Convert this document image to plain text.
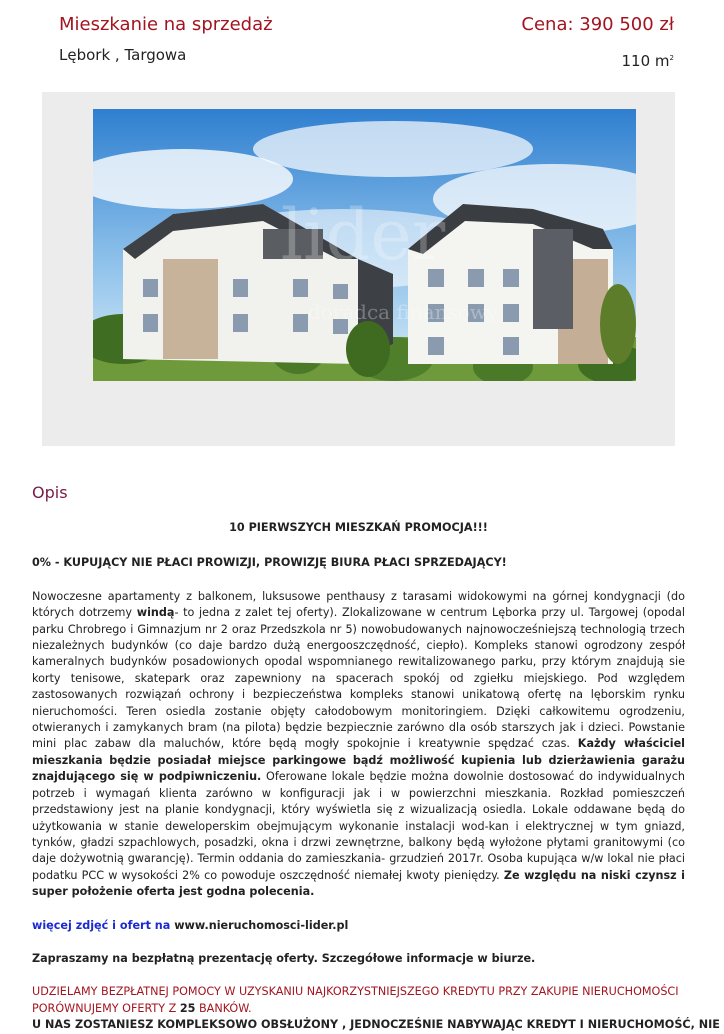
Mieszkanie na sprzedaż	Cena: 390 500 zł
Lębork , Targowa	110 $m^2$
lider
doradca finansowy
Opis

10 PIERWSZYCH MIESZKAŃ PROMOCJA!!!

0% - KUPUJĄCY NIE PŁACI PROWIZJI, PROWIZJĘ BIURA PŁACI SPRZEDAJĄCY!

Nowoczesne apartamenty z balkonem, luksusowe penthausy z tarasami widokowymi na górnej kondygnacji (do których dotrzemy windą- to jedna z zalet tej oferty). Zlokalizowane w centrum Lęborka przy ul. Targowej (opodal parku Chrobrego i Gimnazjum nr 2 oraz Przedszkola nr 5) nowobudowanych najnowocześniejszą technologią trzech niezależnych budynków (co daje bardzo dużą energooszczędność, ciepło). Kompleks stanowi ogrodzony zespół kameralnych budynków posadowionych opodal wspomnianego rewitalizowanego parku, przy którym znajdują sie korty tenisowe, skatepark oraz zapewniony na spacerach spokój od zgiełku miejskiego. Pod względem zastosowanych rozwiązań ochrony i bezpieczeństwa kompleks stanowi unikatową ofertę na lęborskim rynku nieruchomości. Teren osiedla zostanie objęty całodobowym monitoringiem. Dzięki całkowitemu ogrodzeniu, otwieranych i zamykanych bram (na pilota) będzie bezpiecznie zarówno dla osób starszych jak i dzieci. Powstanie mini plac zabaw dla maluchów, które będą mogły spokojnie i kreatywnie spędzać czas. Każdy właściciel mieszkania będzie posiadał miejsce parkingowe bądź możliwość kupienia lub dzierżawienia garażu znajdującego się w podpiwniczeniu. Oferowane lokale będzie można dowolnie dostosować do indywidualnych potrzeb i wymagań klienta zarówno w konfiguracji jak i w powierzchni mieszkania. Rozkład pomieszczeń przedstawiony jest na planie kondygnacji, który wyświetla się z wizualizacją osiedla. Lokale oddawane będą do użytkowania w stanie deweloperskim obejmującym wykonanie instalacji wod-kan i elektrycznej w tym gniazd, tynków, gładzi szpachlowych, posadzki, okna i drzwi zewnętrzne, balkony będą wyłożone płytami granitowymi (co daje dożywotnią gwarancję). Termin oddania do zamieszkania- grzudzień 2017r. Osoba kupująca w/w lokal nie płaci podatku PCC w wysokości 2% co powoduje oszczędność niemałej kwoty pieniędzy. Ze względu na niski czynsz i super położenie oferta jest godna polecenia.

więcej zdjęć i ofert na www.nieruchomosci-lider.pl

Zapraszamy na bezpłatną prezentację oferty. Szczegółowe informacje w biurze.

UDZIELAMY BEZPŁATNEJ POMOCY W UZYSKANIU NAJKORZYSTNIEJSZEGO KREDYTU PRZY ZAKUPIE NIERUCHOMOŚCI PORÓWNUJEMY OFERTY Z 25 BANKÓW.

U NAS ZOSTANIESZ KOMPLEKSOWO OBSŁUŻONY , JEDNOCZEŚNIE NABYWAJĄC KREDYT I NIERUCHOMOŚĆ, NIE
